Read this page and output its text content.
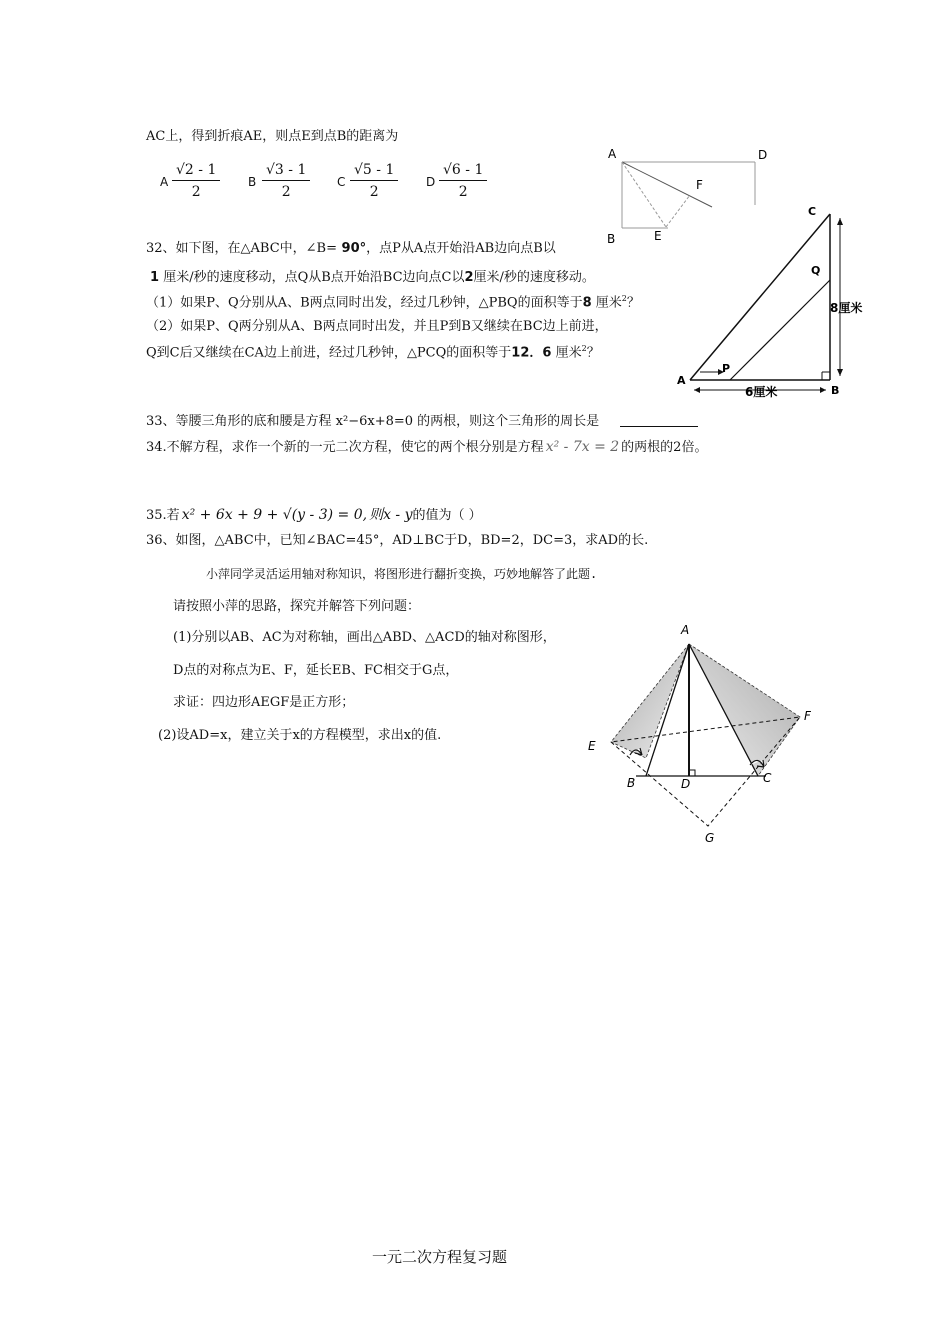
AC上，得到折痕AE，则点E到点B的距离为
A $\frac{√2 - 1}{2}$ B $\frac{√3 - 1}{2}$ C $\frac{√5 - 1}{2}$ D $\frac{√6 - 1}{2}$
A	D
B	E
F
32、如下图，在△ABC中，∠B= 90°，点P从A点开始沿AB边向点B以
1 厘米/秒的速度移动，点Q从B点开始沿BC边向点C以2厘米/秒的速度移动。
（1）如果P、Q分别从A、B两点同时出发，经过几秒钟，△PBQ的面积等于8 厘米$^2$？
（2）如果P、Q两分别从A、B两点同时出发，并且P到B又继续在BC边上前进，
Q到C后又继续在CA边上前进，经过几秒钟，△PCQ的面积等于12．6 厘米$^2$？
A
B
C
P
Q
8厘米
6厘米
33、等腰三角形的底和腰是方程 x²−6x+8=0 的两根，则这个三角形的周长是
34.不解方程，求作一个新的一元二次方程，使它的两个根分别是方程 x² - 7x = 2 的两根的2倍。
35.若 x² + 6x + 9 + √(y - 3) = 0, 则x - y的值为（ ）
36、如图，△ABC中，已知∠BAC=45°，AD⊥BC于D，BD=2，DC=3，求AD的长.
小萍同学灵活运用轴对称知识，将图形进行翻折变换，巧妙地解答了此题.
请按照小萍的思路，探究并解答下列问题：
(1)分别以AB、AC为对称轴，画出△ABD、△ACD的轴对称图形，
D点的对称点为E、F，延长EB、FC相交于G点，
求证：四边形AEGF是正方形；
(2)设AD=x，建立关于x的方程模型，求出x的值.
A
B	D	C
E
F
G
一元二次方程复习题
